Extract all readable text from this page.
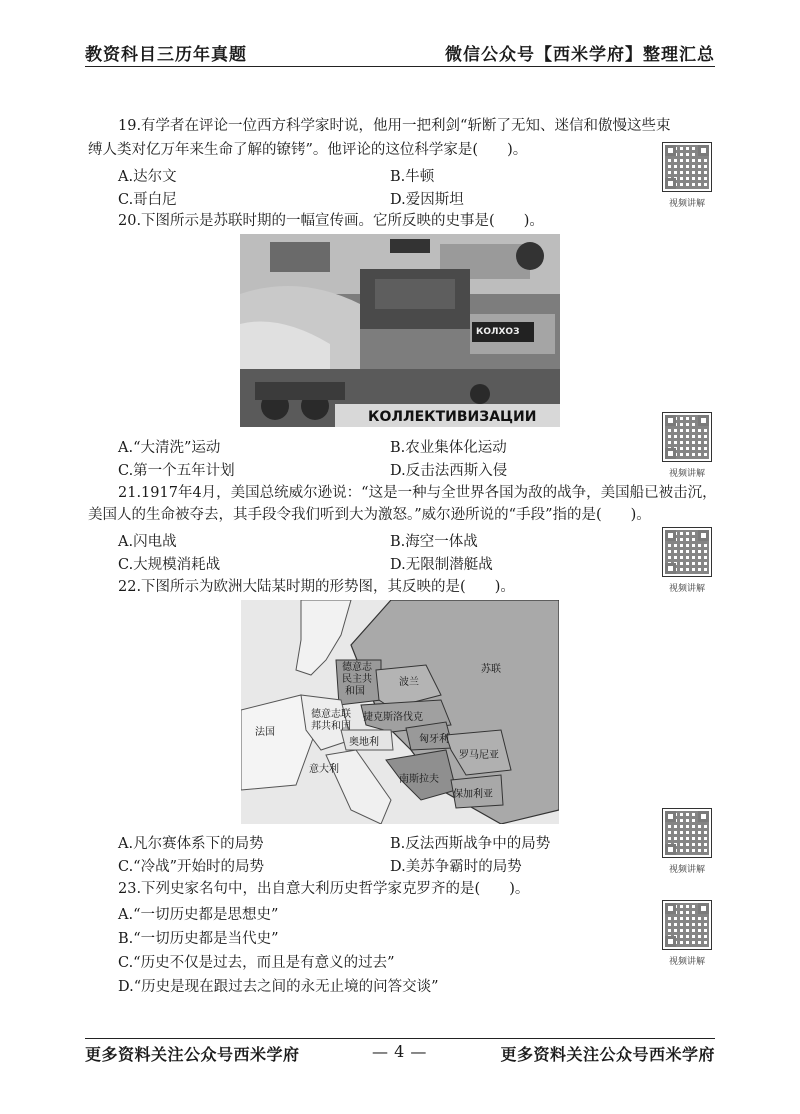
教资科目三历年真题	微信公众号【西米学府】整理汇总
19.有学者在评论一位西方科学家时说，他用一把利剑“斩断了无知、迷信和傲慢这些束
缚人类对亿万年来生命了解的镣铐”。他评论的这位科学家是(　　)。
A.达尔文	B.牛顿
C.哥白尼	D.爱因斯坦	视频讲解
20.下图所示是苏联时期的一幅宣传画。它所反映的史事是(　　)。
КОЛХОЗ
КОЛЛЕКТИВИЗАЦИИ
A.“大清洗”运动	B.农业集体化运动
C.第一个五年计划	D.反击法西斯入侵	视频讲解
21.1917年4月，美国总统威尔逊说：“这是一种与全世界各国为敌的战争，美国船已被击沉，
美国人的生命被夺去，其手段令我们听到大为激怒。”威尔逊所说的“手段”指的是(　　)。
A.闪电战	B.海空一体战
C.大规模消耗战	D.无限制潜艇战
视频讲解
22.下图所示为欧洲大陆某时期的形势图，其反映的是(　　)。
苏联
德意志
民主共
和国
波兰
德意志联
邦共和国
捷克斯洛伐克
法国
奥地利	匈牙利
罗马尼亚
意大利
南斯拉夫
保加利亚
A.凡尔赛体系下的局势	B.反法西斯战争中的局势
C.“冷战”开始时的局势	D.美苏争霸时的局势	视频讲解
23.下列史家名句中，出自意大利历史哲学家克罗齐的是(　　)。
A.“一切历史都是思想史”
B.“一切历史都是当代史”
C.“历史不仅是过去，而且是有意义的过去”
D.“历史是现在跟过去之间的永无止境的问答交谈”
视频讲解
更多资料关注公众号西米学府	— 4 —	更多资料关注公众号西米学府
